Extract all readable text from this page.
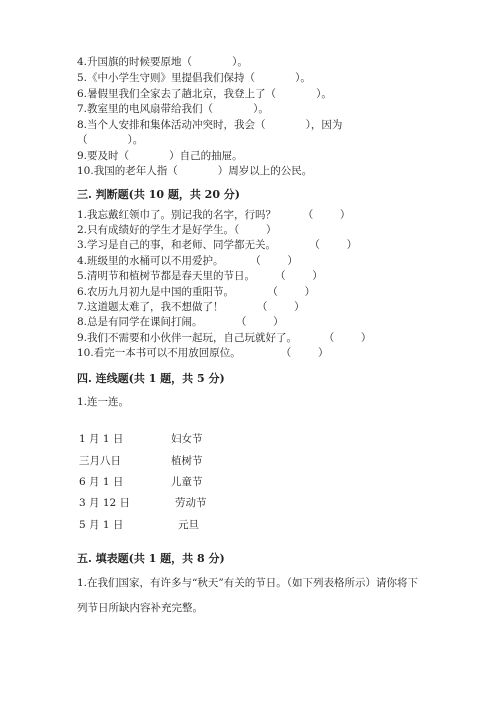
4.升国旗的时候要原地（            ）。
5.《中小学生守则》里提倡我们保持（            ）。
6.暑假里我们全家去了趟北京，我登上了（            ）。
7.教室里的电风扇带给我们（            ）。
8.当个人安排和集体活动冲突时，我会（            ），因为
（            ）。
9.要及时（            ）自己的抽屉。
10.我国的老年人指（            ）周岁以上的公民。
三. 判断题(共 10 题，共 20 分)
1.我忘戴红领巾了。别记我的名字，行吗？        （        ）
2.只有成绩好的学生才是好学生。（        ）
3.学习是自己的事，和老师、同学都无关。          （        ）
4.班级里的水桶可以不用爱护。        （        ）
5.清明节和植树节都是春天里的节日。      （        ）
6.农历九月初九是中国的重阳节。          （        ）
7.这道题太难了，我不想做了！          （        ）
8.总是有同学在课间打闹。          （        ）
9.我们不需要和小伙伴一起玩，自己玩就好了。        （        ）
10.看完一本书可以不用放回原位。            （        ）
四. 连线题(共 1 题，共 5 分)
1.连一连。
1 月 1 日
三月八日
6 月 1 日
3 月 12 日
5 月 1 日
妇女节
植树节
儿童节
劳动节
元旦
五. 填表题(共 1 题，共 8 分)
1.在我们国家，有许多与“秋天”有关的节日。（如下列表格所示）请你将下
列节日所缺内容补充完整。
